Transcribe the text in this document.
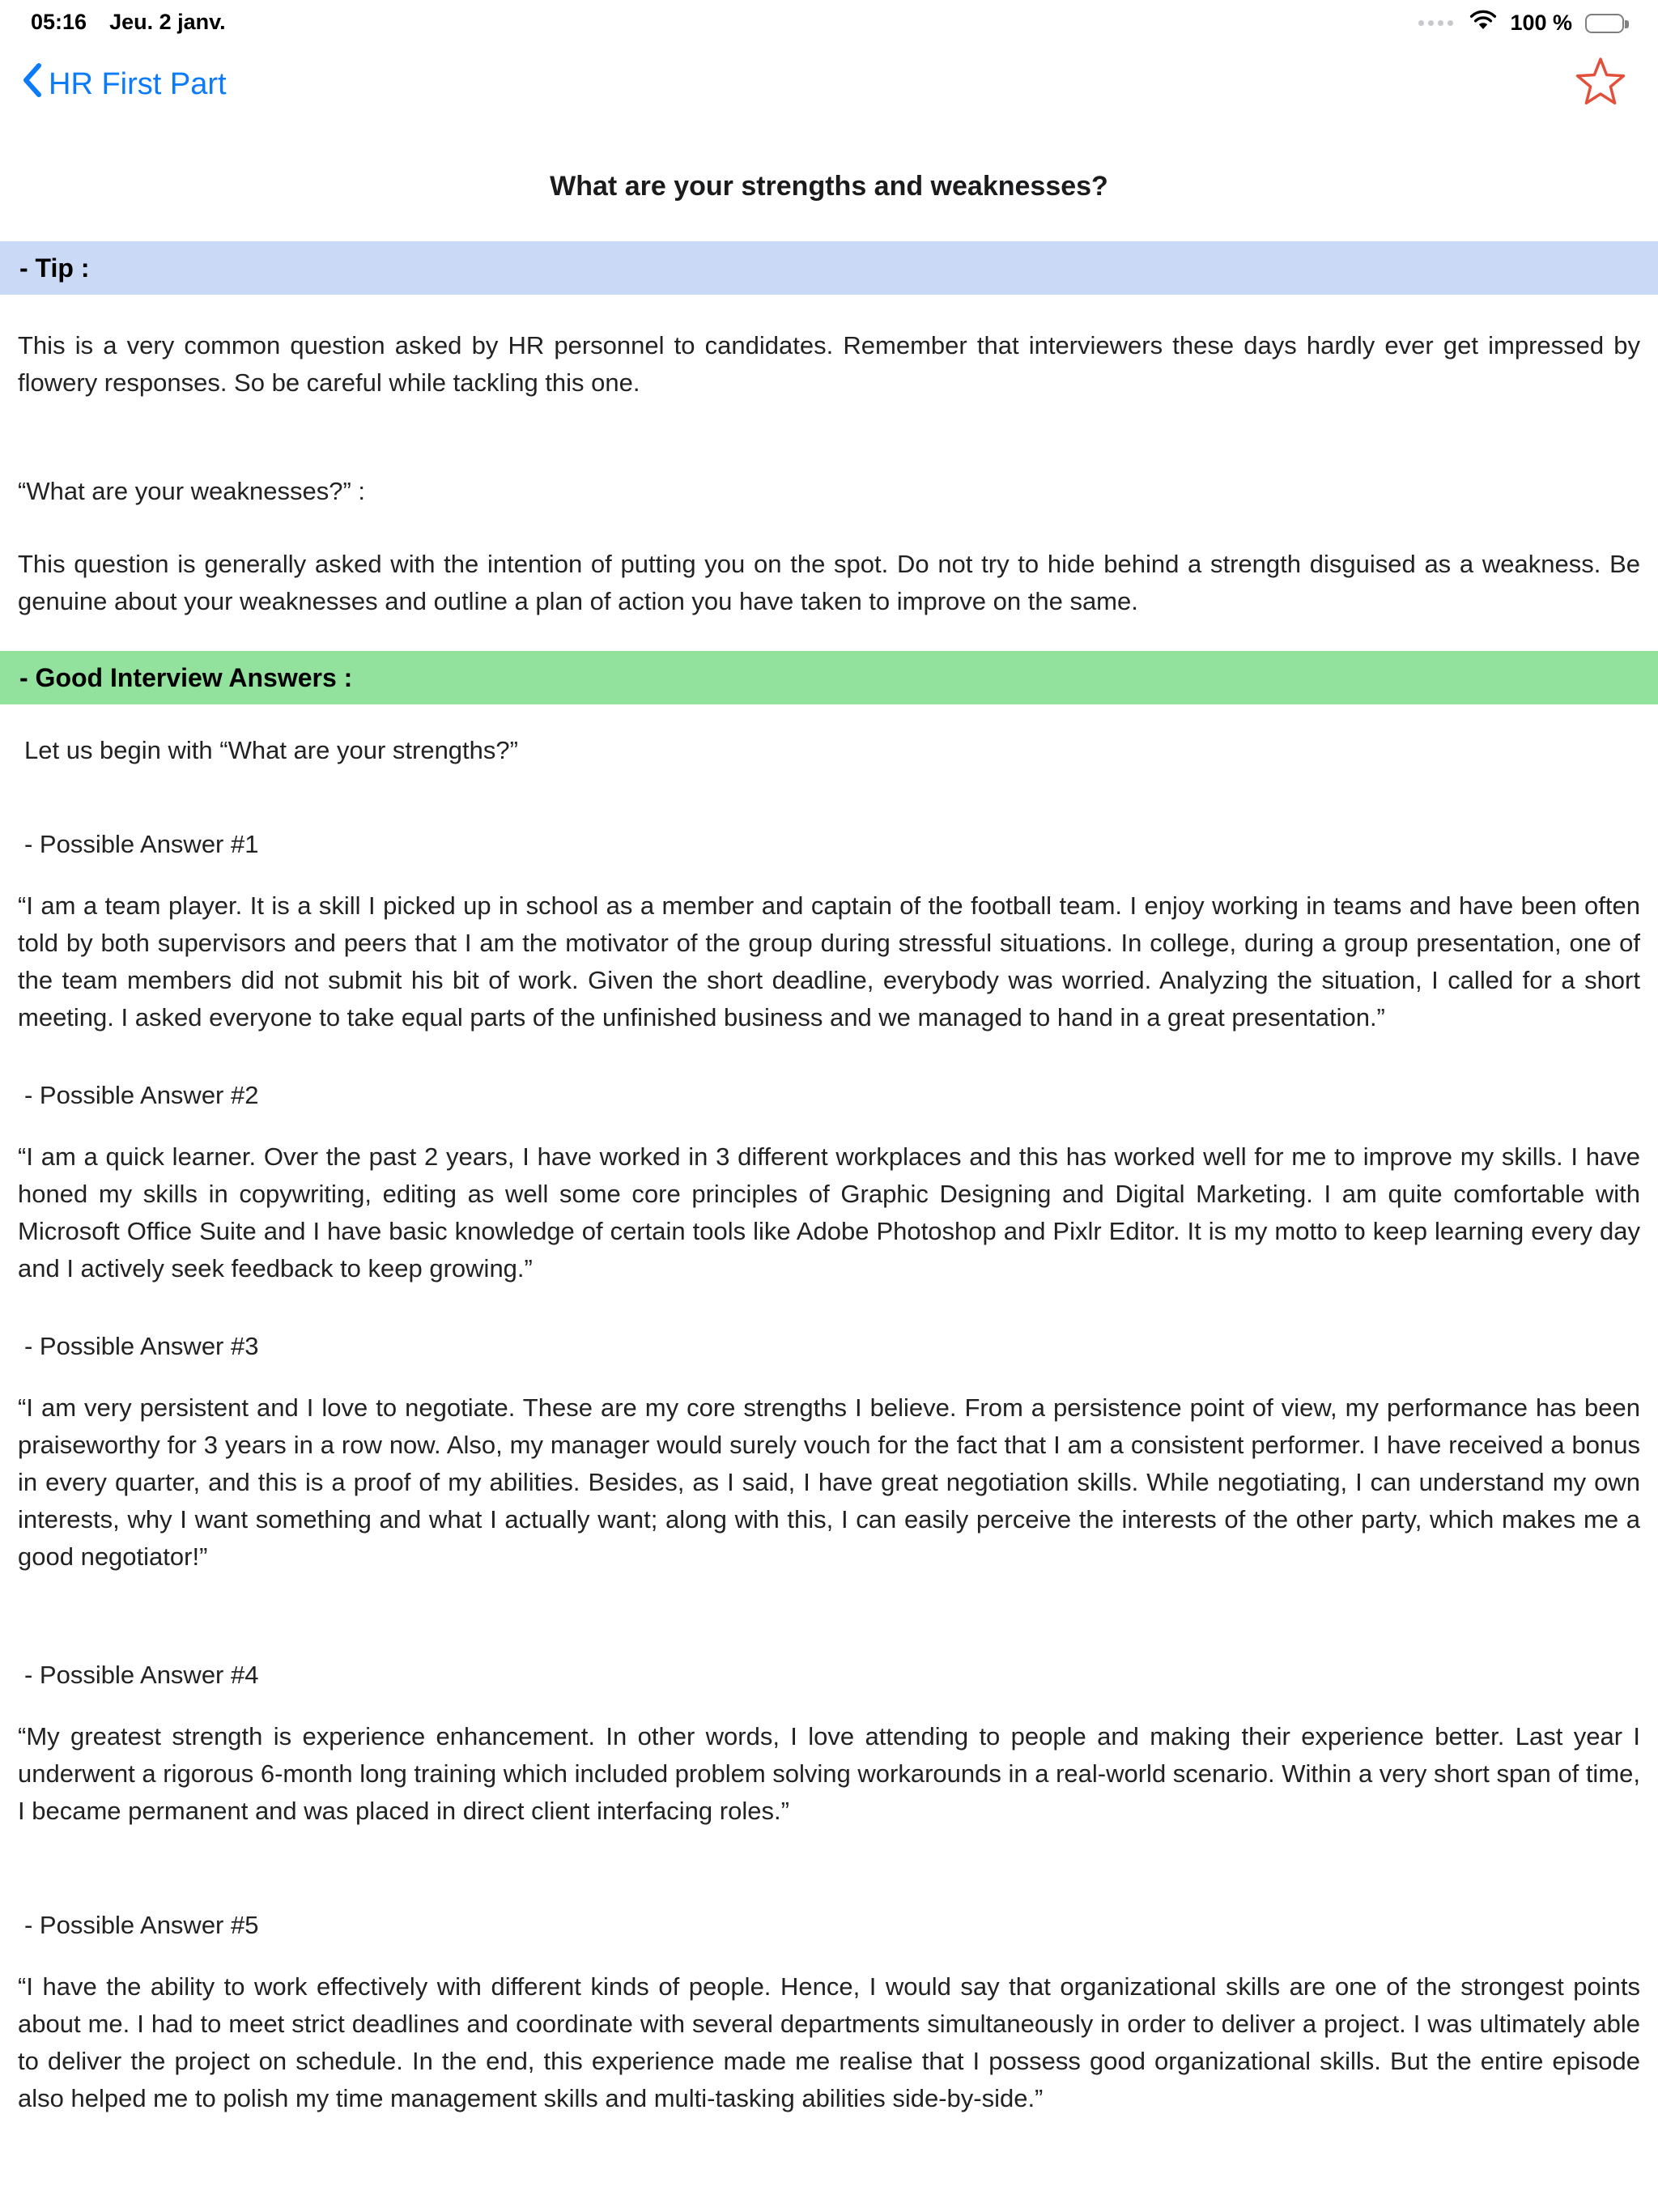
05:16 Jeu. 2 janv.	100 %
HR First Part
What are your strengths and weaknesses?
- Tip :

This is a very common question asked by HR personnel to candidates. Remember that interviewers these days hardly ever get impressed by flowery responses. So be careful while tackling this one.

“What are your weaknesses?” :

This question is generally asked with the intention of putting you on the spot. Do not try to hide behind a strength disguised as a weakness. Be genuine about your weaknesses and outline a plan of action you have taken to improve on the same.

- Good Interview Answers :

Let us begin with “What are your strengths?”

- Possible Answer #1

“I am a team player. It is a skill I picked up in school as a member and captain of the football team. I enjoy working in teams and have been often told by both supervisors and peers that I am the motivator of the group during stressful situations. In college, during a group presentation, one of the team members did not submit his bit of work. Given the short deadline, everybody was worried. Analyzing the situation, I called for a short meeting. I asked everyone to take equal parts of the unfinished business and we managed to hand in a great presentation.”

- Possible Answer #2

“I am a quick learner. Over the past 2 years, I have worked in 3 different workplaces and this has worked well for me to improve my skills. I have honed my skills in copywriting, editing as well some core principles of Graphic Designing and Digital Marketing. I am quite comfortable with Microsoft Office Suite and I have basic knowledge of certain tools like Adobe Photoshop and Pixlr Editor. It is my motto to keep learning every day and I actively seek feedback to keep growing.”

- Possible Answer #3

“I am very persistent and I love to negotiate. These are my core strengths I believe. From a persistence point of view, my performance has been praiseworthy for 3 years in a row now. Also, my manager would surely vouch for the fact that I am a consistent performer. I have received a bonus in every quarter, and this is a proof of my abilities. Besides, as I said, I have great negotiation skills. While negotiating, I can understand my own interests, why I want something and what I actually want; along with this, I can easily perceive the interests of the other party, which makes me a good negotiator!”

- Possible Answer #4

“My greatest strength is experience enhancement. In other words, I love attending to people and making their experience better. Last year I underwent a rigorous 6-month long training which included problem solving workarounds in a real-world scenario. Within a very short span of time, I became permanent and was placed in direct client interfacing roles.”

- Possible Answer #5

“I have the ability to work effectively with different kinds of people. Hence, I would say that organizational skills are one of the strongest points about me. I had to meet strict deadlines and coordinate with several departments simultaneously in order to deliver a project. I was ultimately able to deliver the project on schedule. In the end, this experience made me realise that I possess good organizational skills. But the entire episode also helped me to polish my time management skills and multi-tasking abilities side-by-side.”
